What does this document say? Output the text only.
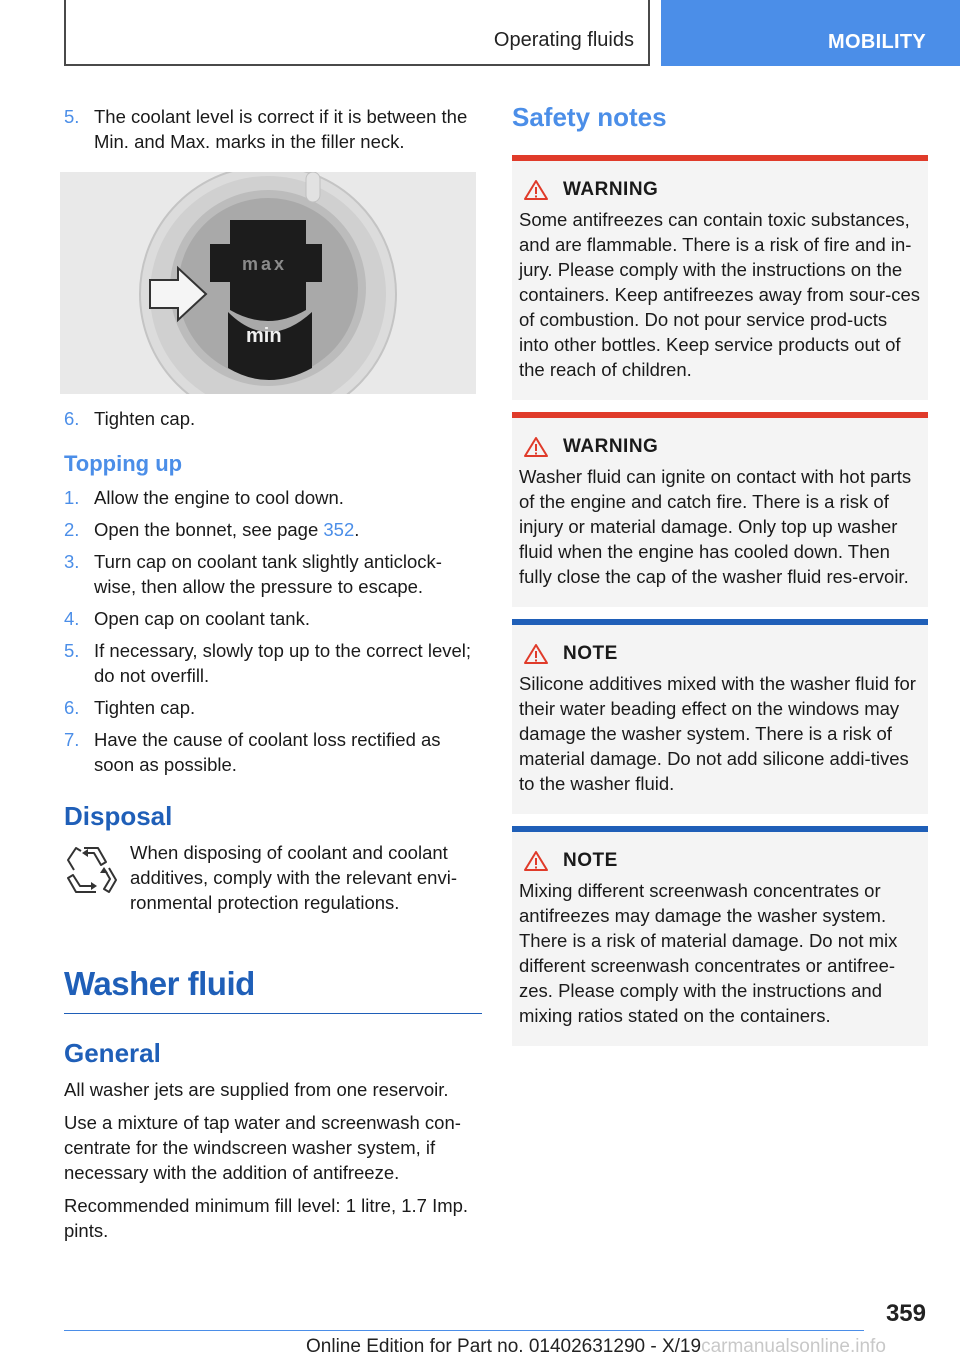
Operating fluids	MOBILITY
5. The coolant level is correct if it is between the Min. and Max. marks in the filler neck.
max
min
6. Tighten cap.
Topping up
1. Allow the engine to cool down.
2. Open the bonnet, see page 352.
3. Turn cap on coolant tank slightly anticlock-wise, then allow the pressure to escape.
4. Open cap on coolant tank.
5. If necessary, slowly top up to the correct level; do not overfill.
6. Tighten cap.
7. Have the cause of coolant loss rectified as soon as possible.
Disposal
When disposing of coolant and coolant additives, comply with the relevant envi-ronmental protection regulations.
Washer fluid
General

All washer jets are supplied from one reservoir.

Use a mixture of tap water and screenwash con-centrate for the windscreen washer system, if necessary with the addition of antifreeze.

Recommended minimum fill level: 1 litre, 1.7 Imp. pints.

Safety notes
WARNING
Some antifreezes can contain toxic substances, and are flammable. There is a risk of fire and in-jury. Please comply with the instructions on the containers. Keep antifreezes away from sour-ces of combustion. Do not pour service prod-ucts into other bottles. Keep service products out of the reach of children.
WARNING
Washer fluid can ignite on contact with hot parts of the engine and catch fire. There is a risk of injury or material damage. Only top up washer fluid when the engine has cooled down. Then fully close the cap of the washer fluid res-ervoir.
NOTE
Silicone additives mixed with the washer fluid for their water beading effect on the windows may damage the washer system. There is a risk of material damage. Do not add silicone addi-tives to the washer fluid.
NOTE
Mixing different screenwash concentrates or antifreezes may damage the washer system. There is a risk of material damage. Do not mix different screenwash concentrates or antifree-zes. Please comply with the instructions and mixing ratios stated on the containers.
359
Online Edition for Part no. 01402631290 - X/19carmanualsonline.info
